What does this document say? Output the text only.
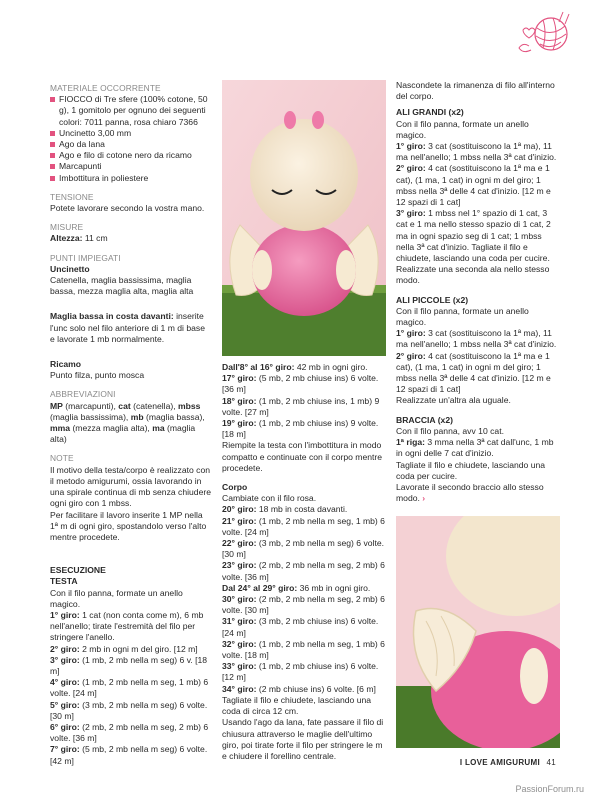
MATERIALE OCCORRENTE
FIOCCO di Tre sfere (100% cotone, 50 g), 1 gomitolo per ognuno dei seguenti colori: 7011 panna, rosa chiaro 7366
Uncinetto 3,00 mm
Ago da lana
Ago e filo di cotone nero da ricamo
Marcapunti
Imbottitura in poliestere
TENSIONE

Potete lavorare secondo la vostra mano.

MISURE

Altezza: 11 cm

PUNTI IMPIEGATI

Uncinetto

Catenella, maglia bassissima, maglia bassa, mezza maglia alta, maglia alta

Maglia bassa in costa davanti: inserite l'unc solo nel filo anteriore di 1 m di base e lavorate 1 mb normalmente.

Ricamo

Punto filza, punto mosca

ABBREVIAZIONI

MP (marcapunti), cat (catenella), mbss (maglia bassissima), mb (maglia bassa), mma (mezza maglia alta), ma (maglia alta)

NOTE

Il motivo della testa/corpo è realizzato con il metodo amigurumi, ossia lavorando in una spirale continua di mb senza chiudere ogni giro con 1 mbss.

Per facilitare il lavoro inserite 1 MP nella 1ª m di ogni giro, spostandolo verso l'alto mentre procedete.

ESECUZIONE

TESTA

Con il filo panna, formate un anello magico.

1° giro: 1 cat (non conta come m), 6 mb nell'anello; tirate l'estremità del filo per stringere l'anello.

2° giro: 2 mb in ogni m del giro. [12 m]

3° giro: (1 mb, 2 mb nella m seg) 6 v. [18 m]

4° giro: (1 mb, 2 mb nella m seg, 1 mb) 6 volte. [24 m]

5° giro: (3 mb, 2 mb nella m seg) 6 volte. [30 m]

6° giro: (2 mb, 2 mb nella m seg, 2 mb) 6 volte. [36 m]

7° giro: (5 mb, 2 mb nella m seg) 6 volte. [42 m]

Dall'8° al 16° giro: 42 mb in ogni giro.

17° giro: (5 mb, 2 mb chiuse ins) 6 volte. [36 m]

18° giro: (1 mb, 2 mb chiuse ins, 1 mb) 9 volte. [27 m]

19° giro: (1 mb, 2 mb chiuse ins) 9 volte. [18 m]

Riempite la testa con l'imbottitura in modo compatto e continuate con il corpo mentre procedete.

Corpo

Cambiate con il filo rosa.

20° giro: 18 mb in costa davanti.

21° giro: (1 mb, 2 mb nella m seg, 1 mb) 6 volte. [24 m]

22° giro: (3 mb, 2 mb nella m seg) 6 volte. [30 m]

23° giro: (2 mb, 2 mb nella m seg, 2 mb) 6 volte. [36 m]

Dal 24° al 29° giro: 36 mb in ogni giro.

30° giro: (2 mb, 2 mb nella m seg, 2 mb) 6 volte. [30 m]

31° giro: (3 mb, 2 mb chiuse ins) 6 volte. [24 m]

32° giro: (1 mb, 2 mb nella m seg, 1 mb) 6 volte. [18 m]

33° giro: (1 mb, 2 mb chiuse ins) 6 volte. [12 m]

34° giro: (2 mb chiuse ins) 6 volte. [6 m]

Tagliate il filo e chiudete, lasciando una coda di circa 12 cm.

Usando l'ago da lana, fate passare il filo di chiusura attraverso le maglie dell'ultimo giro, poi tirate forte il filo per stringere le m e chiudere il forellino centrale.

Nascondete la rimanenza di filo all'interno del corpo.

ALI GRANDI (x2)

Con il filo panna, formate un anello magico.

1° giro: 3 cat (sostituiscono la 1ª ma), 11 ma nell'anello; 1 mbss nella 3ª cat d'inizio.

2° giro: 4 cat (sostituiscono la 1ª ma e 1 cat), (1 ma, 1 cat) in ogni m del giro; 1 mbss nella 3ª delle 4 cat d'inizio. [12 m e 12 spazi di 1 cat]

3° giro: 1 mbss nel 1° spazio di 1 cat, 3 cat e 1 ma nello stesso spazio di 1 cat, 2 ma in ogni spazio seg di 1 cat; 1 mbss nella 3ª cat d'inizio. Tagliate il filo e chiudete, lasciando una coda per cucire.

Realizzate una seconda ala nello stesso modo.

ALI PICCOLE (x2)

Con il filo panna, formate un anello magico.

1° giro: 3 cat (sostituiscono la 1ª ma), 11 ma nell'anello; 1 mbss nella 3ª cat d'inizio.

2° giro: 4 cat (sostituiscono la 1ª ma e 1 cat), (1 ma, 1 cat) in ogni m del giro; 1 mbss nella 3ª delle 4 cat d'inizio. [12 m e 12 spazi di 1 cat]

Realizzate un'altra ala uguale.

BRACCIA (x2)

Con il filo panna, avv 10 cat.

1ª riga: 3 mma nella 3ª cat dall'unc, 1 mb in ogni delle 7 cat d'inizio.

Tagliate il filo e chiudete, lasciando una coda per cucire.

Lavorate il secondo braccio allo stesso modo. ›

I LOVE AMIGURUMI 41
PassionForum.ru
